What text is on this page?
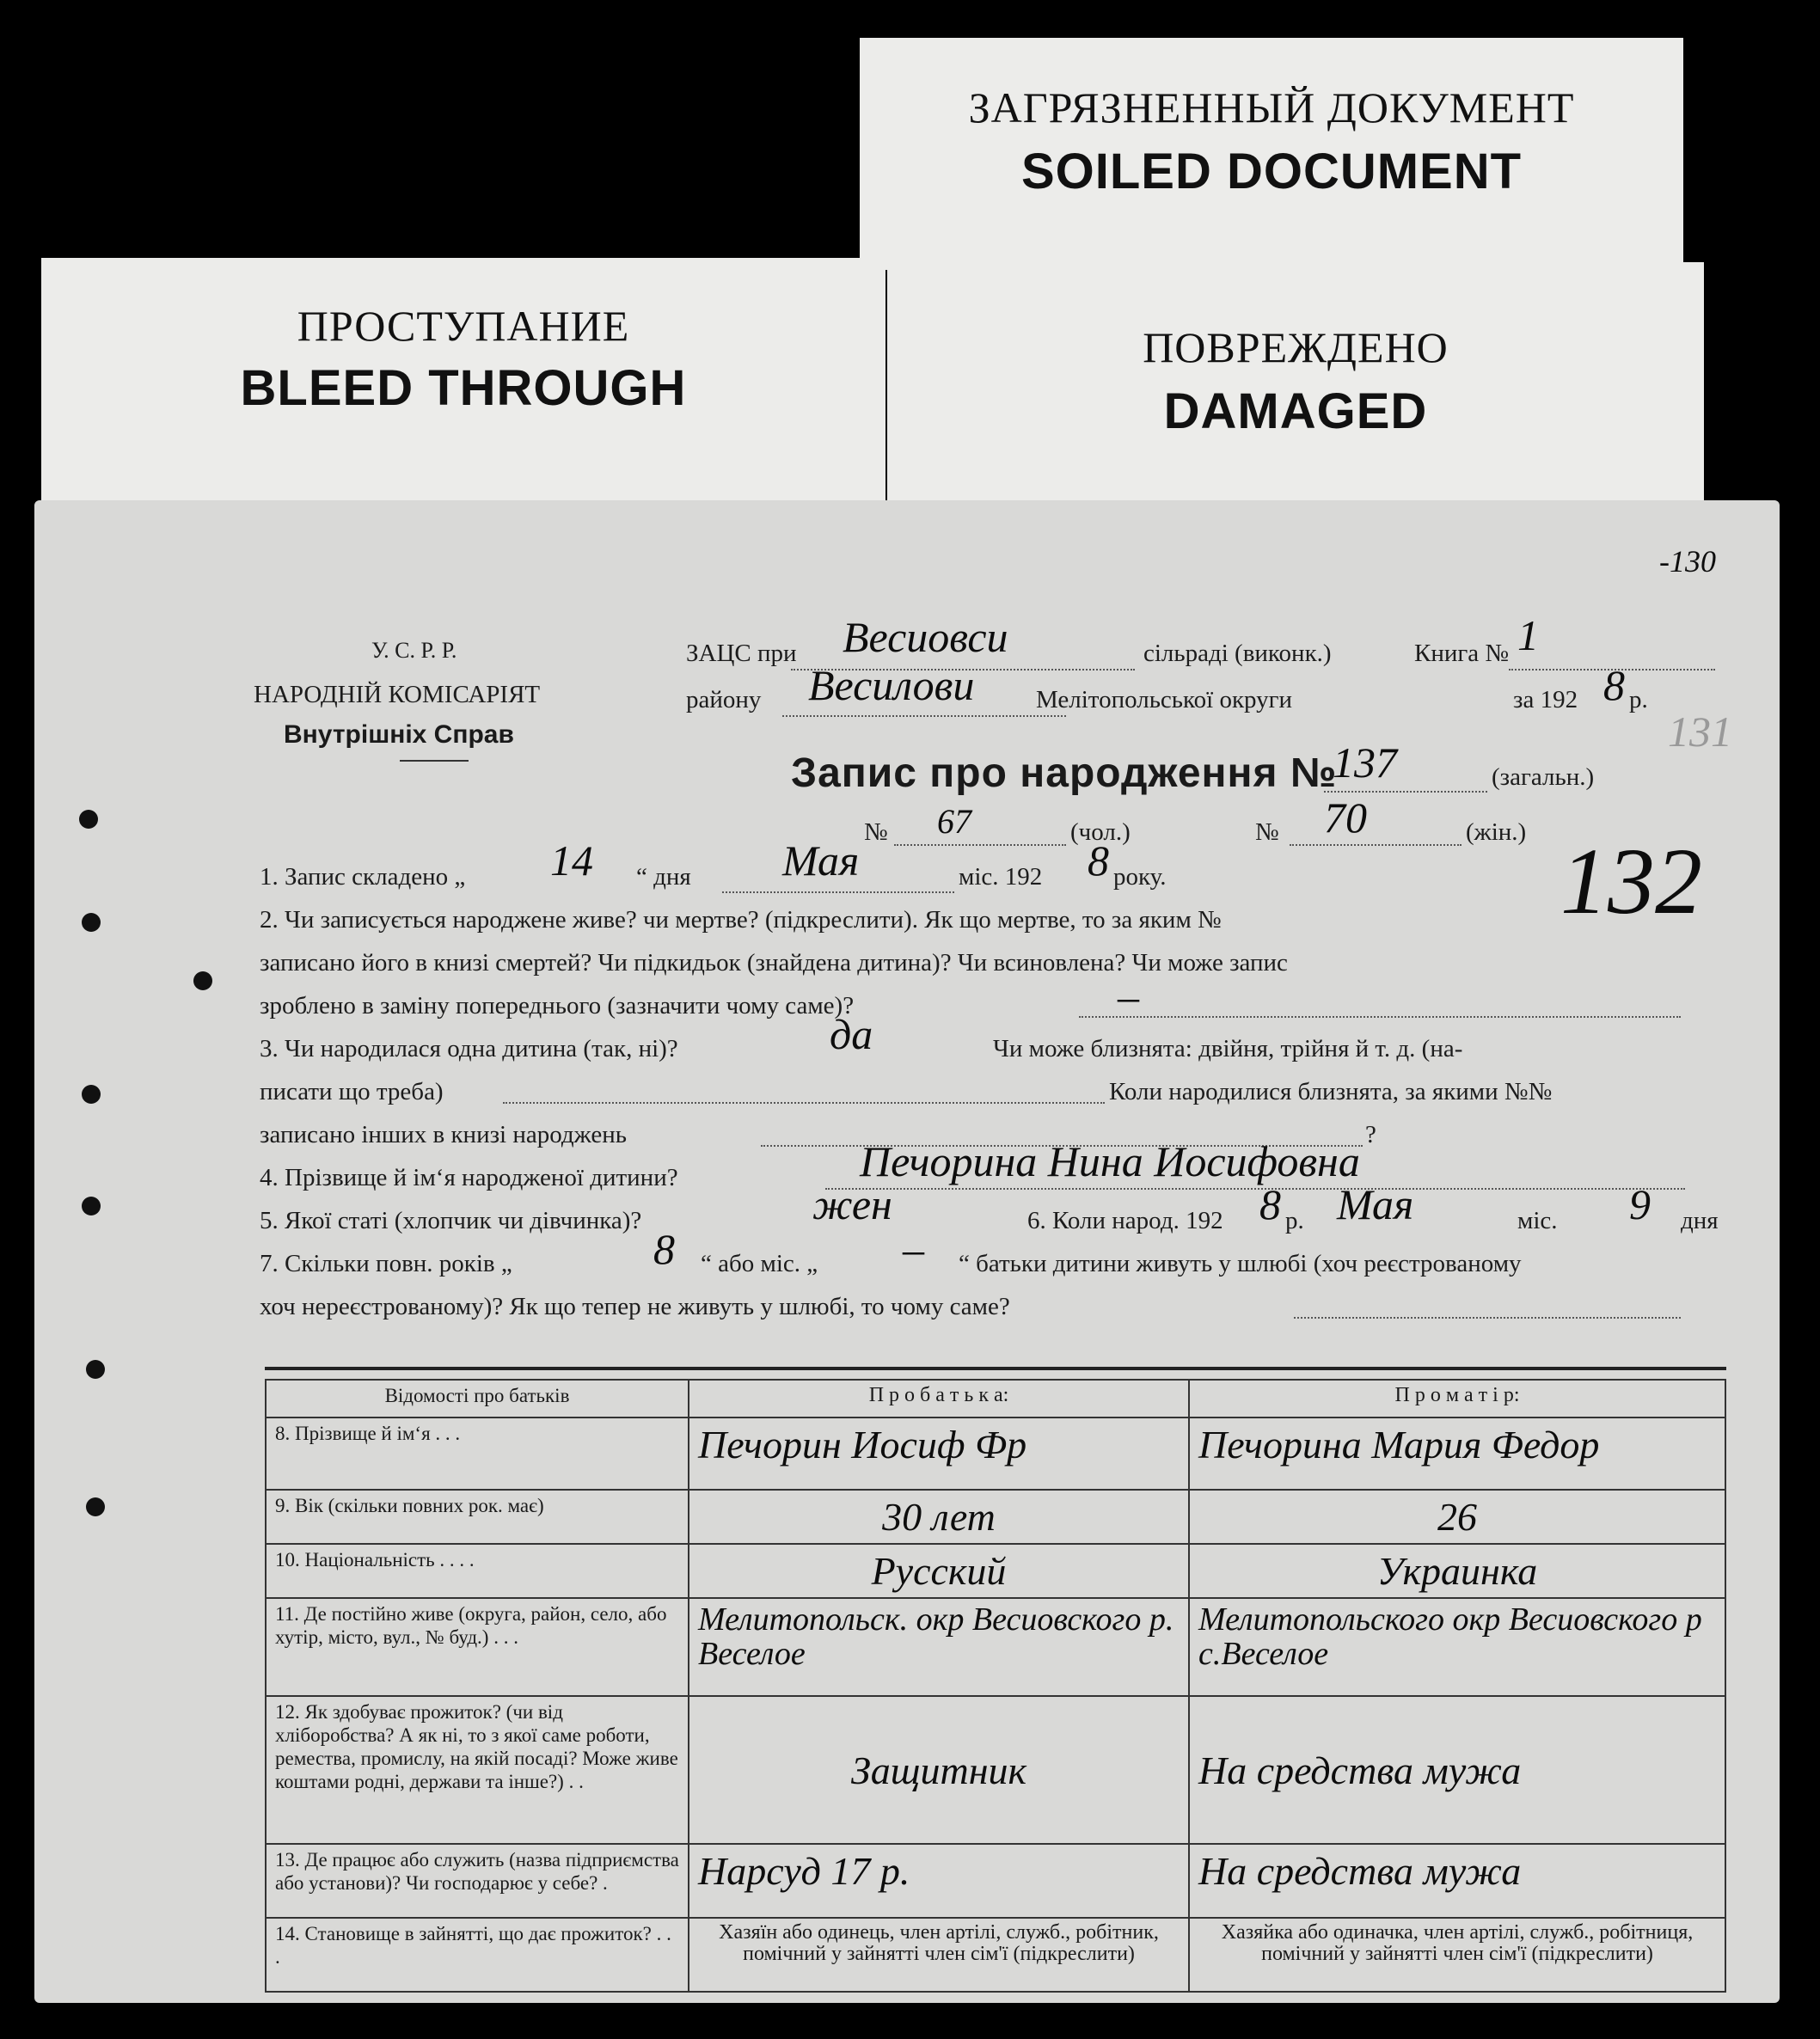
ЗАГРЯЗНЕННЫЙ ДОКУМЕНТ
SOILED DOCUMENT
ПРОСТУПАНИЕ
BLEED THROUGH
ПОВРЕЖДЕНО
DAMAGED
-130
131
У. С. Р. Р.
НАРОДНІЙ КОМІСАРІЯТ
Внутрішніх Справ
ЗАЦС при Весиовси	сільраді (виконк.)	Книга № 1
району Весилови Мелітопольської округи	за 192 8 р.
Запис про народження №
137	(загальн.)
№ 67	(чол.)	№ 70	(жін.) 132
1. Запис складено „ 14 “ дня Мая	міс. 192 8 року.
2. Чи записується народжене живе? чи мертве? (підкреслити). Як що мертве, то за яким №
записано його в книзі смертей? Чи підкидьок (знайдена дитина)? Чи всиновлена? Чи може запис
зроблено в заміну попереднього (зазначити чому саме)?	–
3. Чи народилася одна дитина (так, ні)?	да	Чи може близнята: двійня, трійня й т. д. (на-
писати що треба)	Коли народилися близнята, за якими №№
записано інших в книзі народжень	?
4. Прізвище й ім‘я народженої дитини?	Печорина Нина Иосифовна
5. Якої статі (хлопчик чи дівчинка)?	жен	6. Коли народ. 192 8 р. Мая	міс. 9 дня
7. Скільки повн. років „	8 “ або міс. „ – “ батьки дитини живуть у шлюбі (хоч реєстрованому
хоч нереєстрованому)? Як що тепер не живуть у шлюбі, то чому саме?
Відомості про батьків	П р о б а т ь к а:	П р о м а т і р:
8. Прізвище й ім‘я . . .	Печорин Иосиф Фр	Печорина Мария Федор
9. Вік (скільки повних рок. має)	30 лет	26
10. Національність . . . .	Русский	Украинка
11. Де постійно живе (округа, район, село, або хутір, місто, вул., № буд.) . . .	Мелитопольск. окр Весиовского р. Веселое	Мелитопольского окр Весиовского р с.Веселое
12. Як здобуває прожиток? (чи від хліборобства? А як ні, то з якої саме роботи, ремества, промислу, на якій посаді? Може живе коштами родні, держави та інше?) . .	Защитник	На средства мужа
13. Де працює або служить (назва підприємства або установи)? Чи господарює у себе? .	Нарсуд 17 р.	На средства мужа
14. Становище в зайнятті, що дає прожиток? . . .	Хазяїн або одинець, член артілі, служб., робітник, помічний у зайнятті член сім'ї (підкреслити)	Хазяйка або одиначка, член артілі, служб., робітниця, помічний у зайнятті член сім'ї (підкреслити)
